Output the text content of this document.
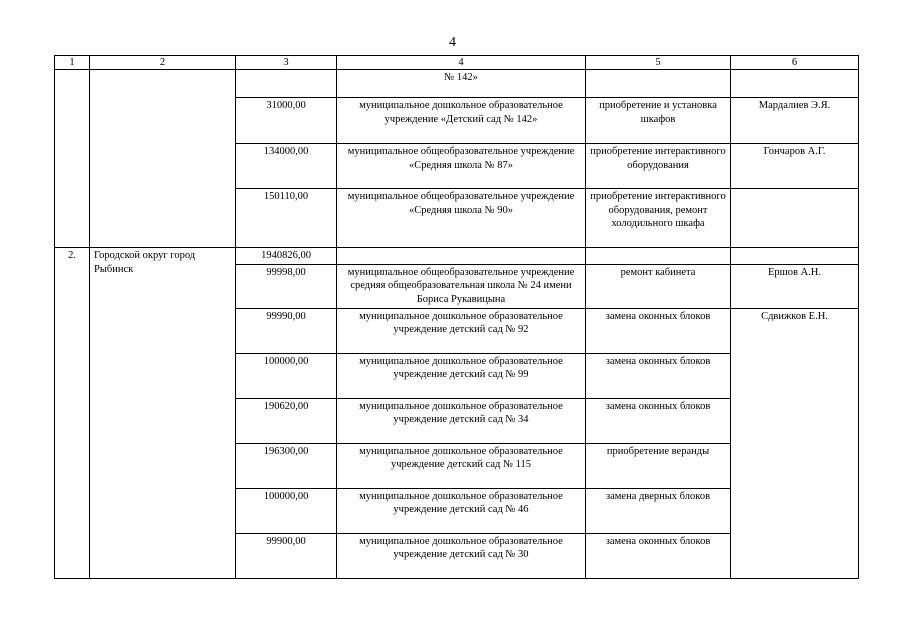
4
1	2	3	4	5	6
			№ 142»		
		31000,00	муниципальное дошкольное образовательное учреждение «Детский сад № 142»	приобретение и установка шкафов	Мардалиев Э.Я.
		134000,00	муниципальное общеобразовательное учреждение «Средняя школа № 87»	приобретение интерактивного оборудования	Гончаров А.Г.
		150110,00	муниципальное общеобразовательное учреждение «Средняя школа № 90»	приобретение интерактивного оборудования, ремонт холодильного шкафа	
2.	Городской округ город Рыбинск	1940826,00			
		99998,00	муниципальное общеобразовательное учреждение средняя общеобразовательная школа № 24 имени Бориса Рукавицына	ремонт кабинета	Ершов А.Н.
		99990,00	муниципальное дошкольное образовательное учреждение детский сад № 92	замена оконных блоков	Сдвижков Е.Н.
		100000,00	муниципальное дошкольное образовательное учреждение детский сад № 99	замена оконных блоков	
		190620,00	муниципальное дошкольное образовательное учреждение детский сад № 34	замена оконных блоков	
		196300,00	муниципальное дошкольное образовательное учреждение детский сад № 115	приобретение веранды	
		100000,00	муниципальное дошкольное образовательное учреждение детский сад № 46	замена дверных блоков	
		99900,00	муниципальное дошкольное образовательное учреждение детский сад № 30	замена оконных блоков	
